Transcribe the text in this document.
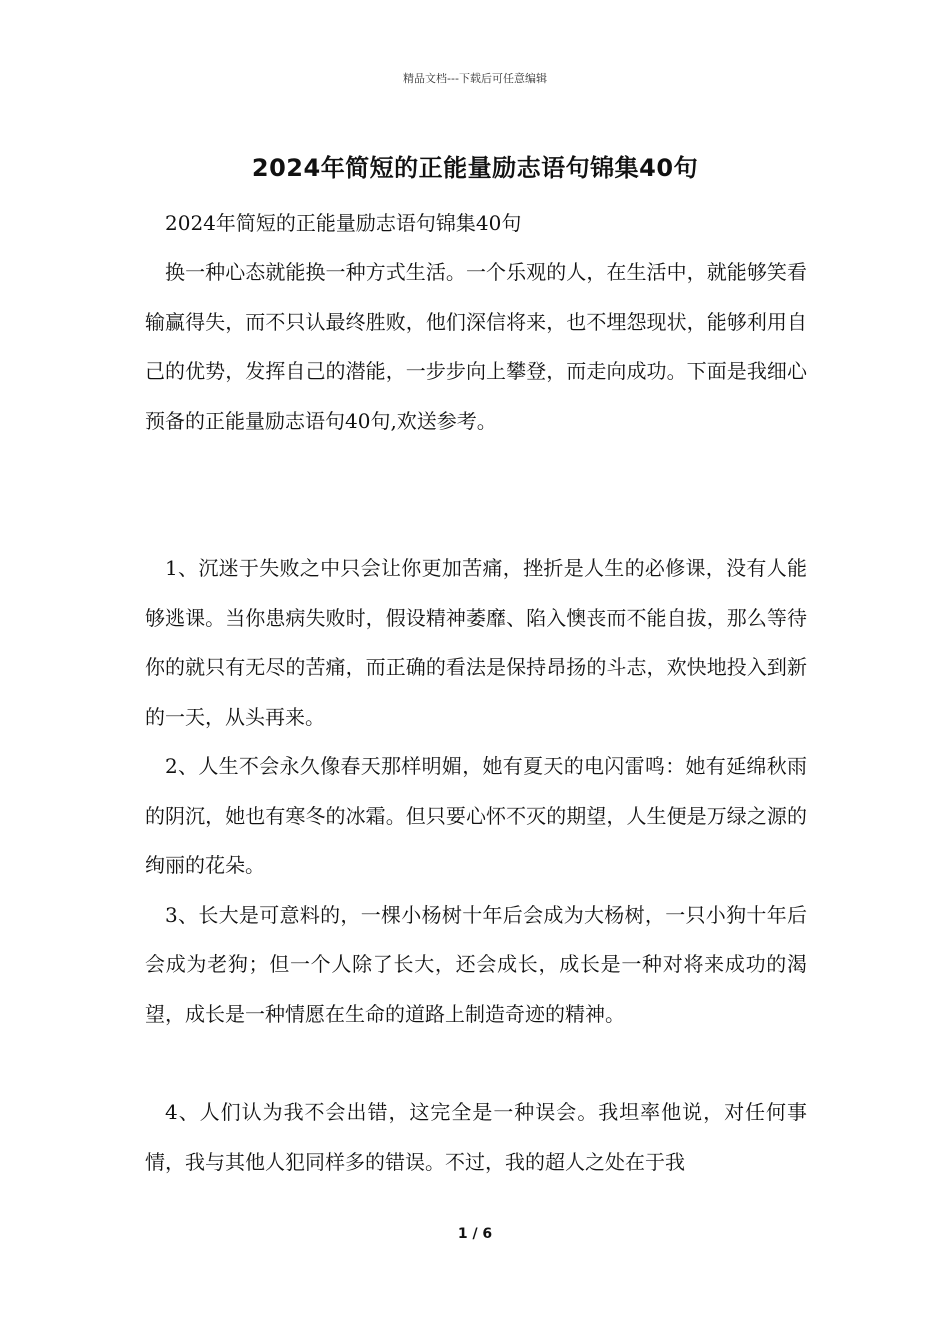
精品文档---下载后可任意编辑
2024年简短的正能量励志语句锦集40句

2024年简短的正能量励志语句锦集40句

换一种心态就能换一种方式生活。一个乐观的人，在生活中，就能够笑看输赢得失，而不只认最终胜败，他们深信将来，也不埋怨现状，能够利用自己的优势，发挥自己的潜能，一步步向上攀登，而走向成功。下面是我细心预备的正能量励志语句40句,欢送参考。

1、沉迷于失败之中只会让你更加苦痛，挫折是人生的必修课，没有人能够逃课。当你患病失败时，假设精神萎靡、陷入懊丧而不能自拔，那么等待你的就只有无尽的苦痛，而正确的看法是保持昂扬的斗志，欢快地投入到新的一天，从头再来。

2、人生不会永久像春天那样明媚，她有夏天的电闪雷鸣：她有延绵秋雨的阴沉，她也有寒冬的冰霜。但只要心怀不灭的期望，人生便是万绿之源的绚丽的花朵。

3、长大是可意料的，一棵小杨树十年后会成为大杨树，一只小狗十年后会成为老狗；但一个人除了长大，还会成长，成长是一种对将来成功的渴望，成长是一种情愿在生命的道路上制造奇迹的精神。

4、人们认为我不会出错，这完全是一种误会。我坦率他说，对任何事情，我与其他人犯同样多的错误。不过，我的超人之处在于我

1 / 6
